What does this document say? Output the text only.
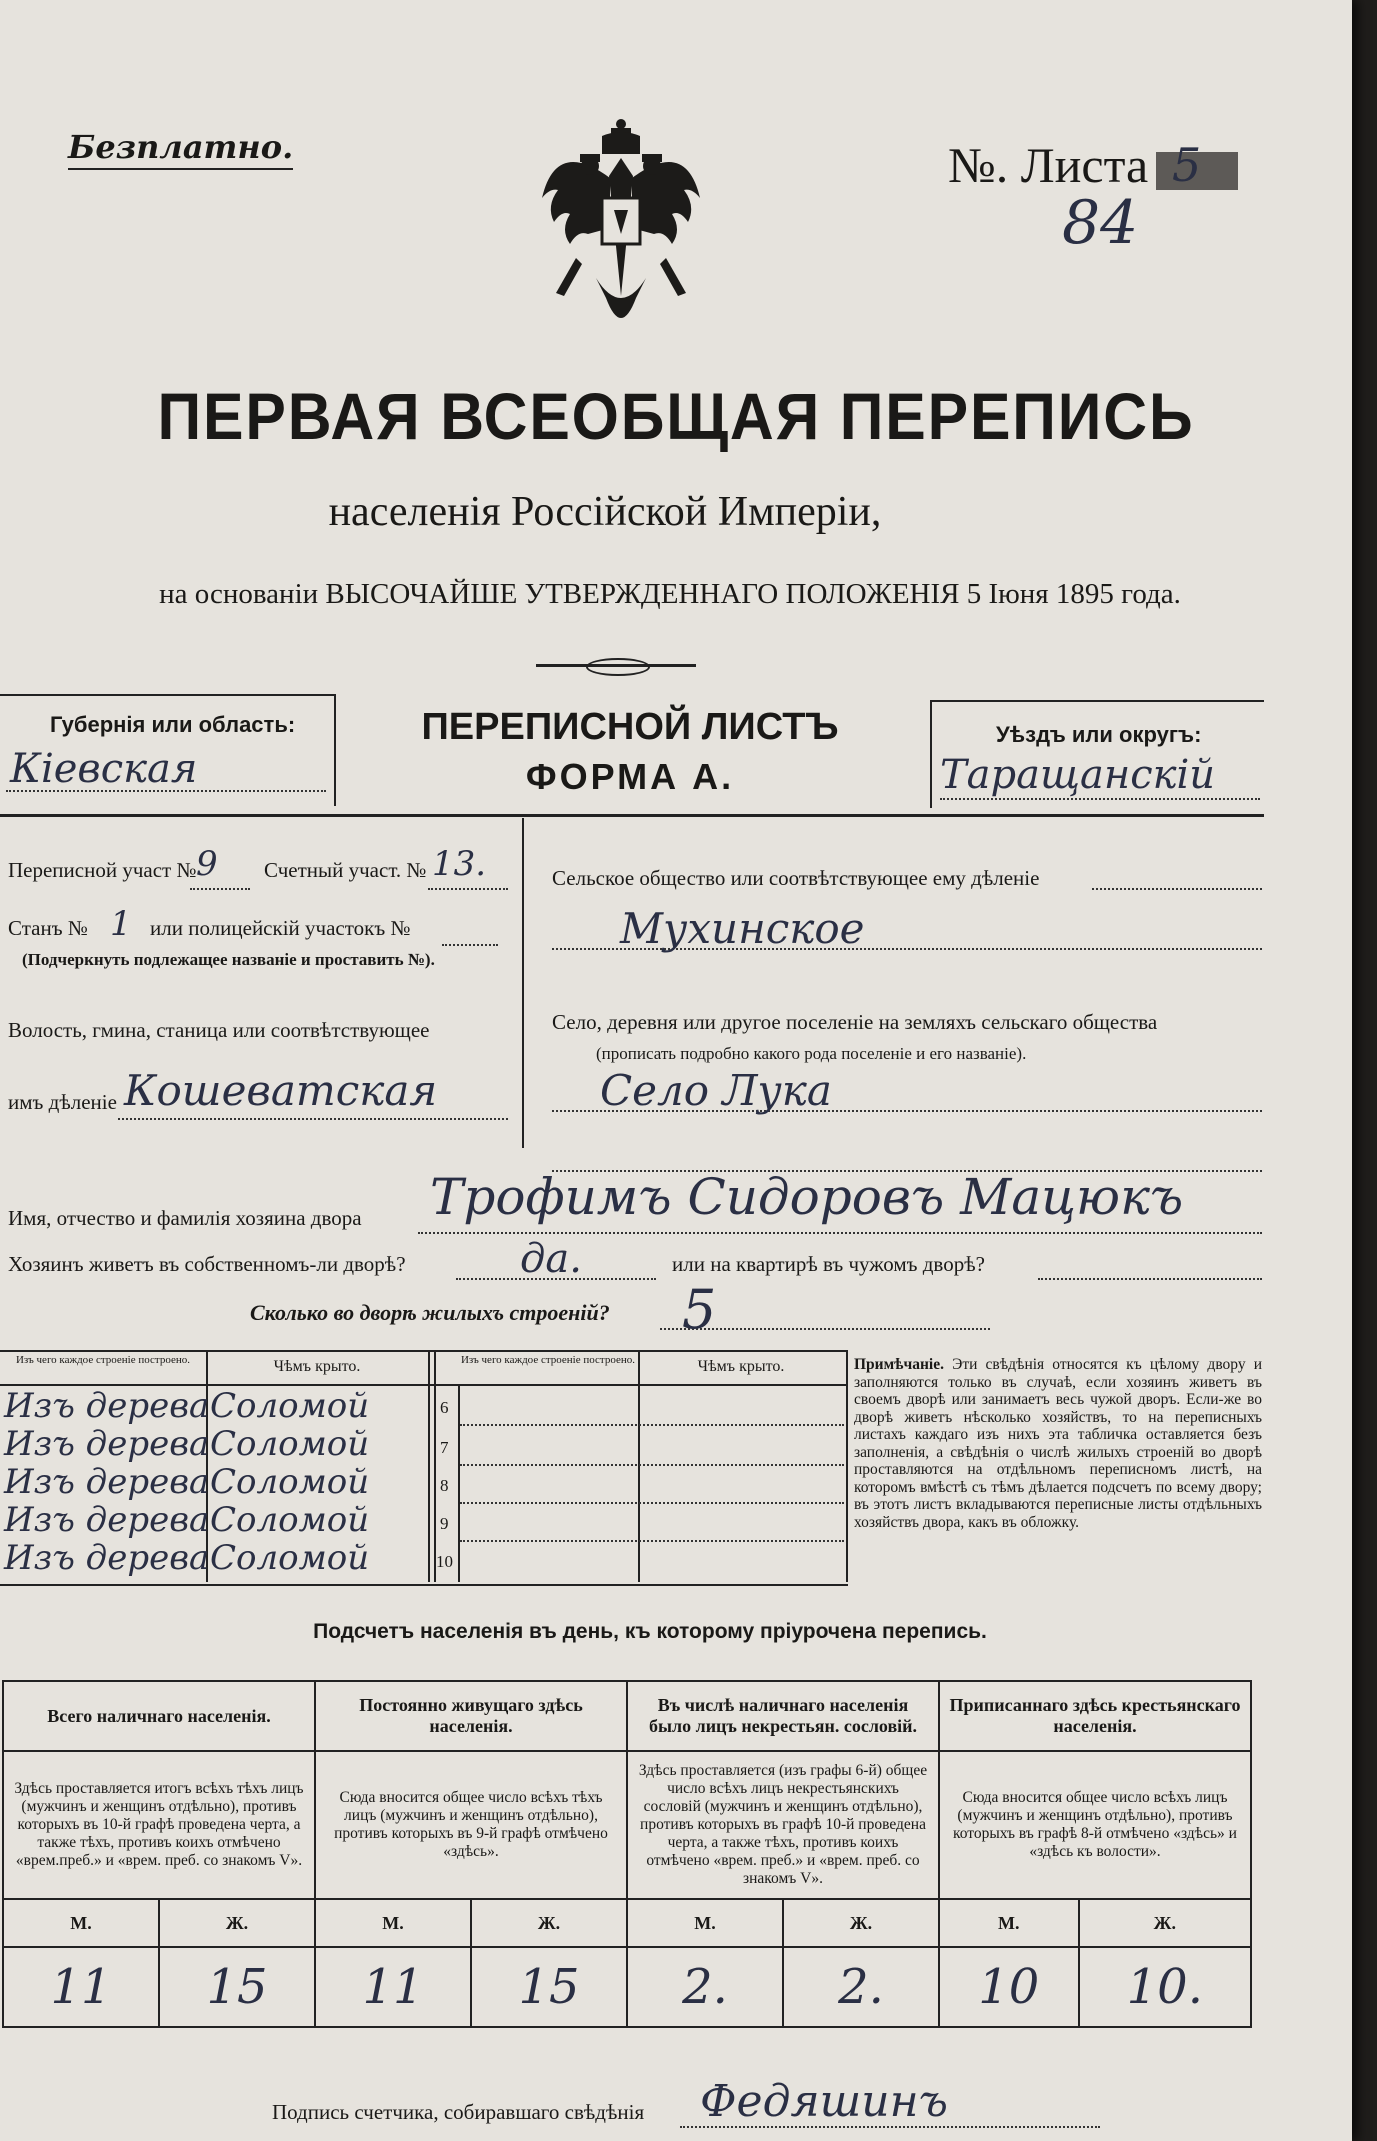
Безплатно.	№. Листа 5
84
ПЕРВАЯ ВСЕОБЩАЯ ПЕРЕПИСЬ
населенія Россійской Имперіи,
на основаніи ВЫСОЧАЙШЕ УТВЕРЖДЕННАГО ПОЛОЖЕНІЯ 5 Іюня 1895 года.
Губернія или область:
Кіевская
ПЕРЕПИСНОЙ ЛИСТЪ
ФОРМА А.
Уѣздъ или округъ:
Таращанскій
Переписной участ № 9 Счетный участ. № 13.
Станъ № 1 или полицейскій участокъ №
(Подчеркнуть подлежащее названіе и проставить №).
Волость, гмина, станица или соотвѣтствующее
имъ дѣленіе Кошеватская
Сельское общество или соотвѣтствующее ему дѣленіе
Мухинское
Село, деревня или другое поселеніе на земляхъ сельскаго общества
(прописать подробно какого рода поселеніе и его названіе).
Село Лука
Имя, отчество и фамилія хозяина двора Трофимъ Сидоровъ Мацюкъ
Хозяинъ живетъ въ собственномъ-ли дворѣ?	да.	или на квартирѣ въ чужомъ дворѣ?
Сколько во дворѣ жилыхъ строеній? 5
Изъ чего каждое строеніе построено.	Чѣмъ крыто.	Изъ чего каждое строеніе построено.	Чѣмъ крыто.
Изъ дерева Соломой
Изъ дерева Соломой
Изъ дерева Соломой
Изъ дерева Соломой
Изъ дерева Соломой
6
7
8
9
10
Примѣчаніе. Эти свѣдѣнія относятся къ цѣлому двору и заполняются только въ случаѣ, если хозяинъ живетъ въ своемъ дворѣ или занимаетъ весь чужой дворъ. Если-же во дворѣ живетъ нѣсколько хозяйствъ, то на переписныхъ листахъ каждаго изъ нихъ эта табличка оставляется безъ заполненія, а свѣдѣнія о числѣ жилыхъ строеній во дворѣ проставляются на отдѣльномъ переписномъ листѣ, на которомъ вмѣстѣ съ тѣмъ дѣлается подсчетъ по всему двору; въ этотъ листъ вкладываются переписные листы отдѣльныхъ хозяйствъ двора, какъ въ обложку.
Подсчетъ населенія въ день, къ которому пріурочена перепись.
Всего наличнаго населенія.		Постоянно живущаго здѣсь населенія.		Въ числѣ наличнаго населенія было лицъ некрестьян. сословій.		Приписаннаго здѣсь крестьянскаго населенія.	
Здѣсь проставляется итогъ всѣхъ тѣхъ лицъ (мужчинъ и женщинъ отдѣльно), противъ которыхъ въ 10-й графѣ проведена черта, а также тѣхъ, противъ коихъ отмѣчено «врем.преб.» и «врем. преб. со знакомъ V».		Сюда вносится общее число всѣхъ тѣхъ лицъ (мужчинъ и женщинъ отдѣльно), противъ которыхъ въ 9-й графѣ отмѣчено «здѣсь».		Здѣсь проставляется (изъ графы 6-й) общее число всѣхъ лицъ некрестьянскихъ сословій (мужчинъ и женщинъ отдѣльно), противъ которыхъ въ графѣ 10-й проведена черта, а также тѣхъ, противъ коихъ отмѣчено «врем. преб.» и «врем. преб. со знакомъ V».		Сюда вносится общее число всѣхъ лицъ (мужчинъ и женщинъ отдѣльно), противъ которыхъ въ графѣ 8-й отмѣчено «здѣсь» и «здѣсь къ волости».	
М.	Ж.	М.	Ж.	М.	Ж.	М.	Ж.
11	15	11	15	2.	2.	10	10.
Подпись счетчика, собиравшаго свѣдѣнія Федяшинъ
